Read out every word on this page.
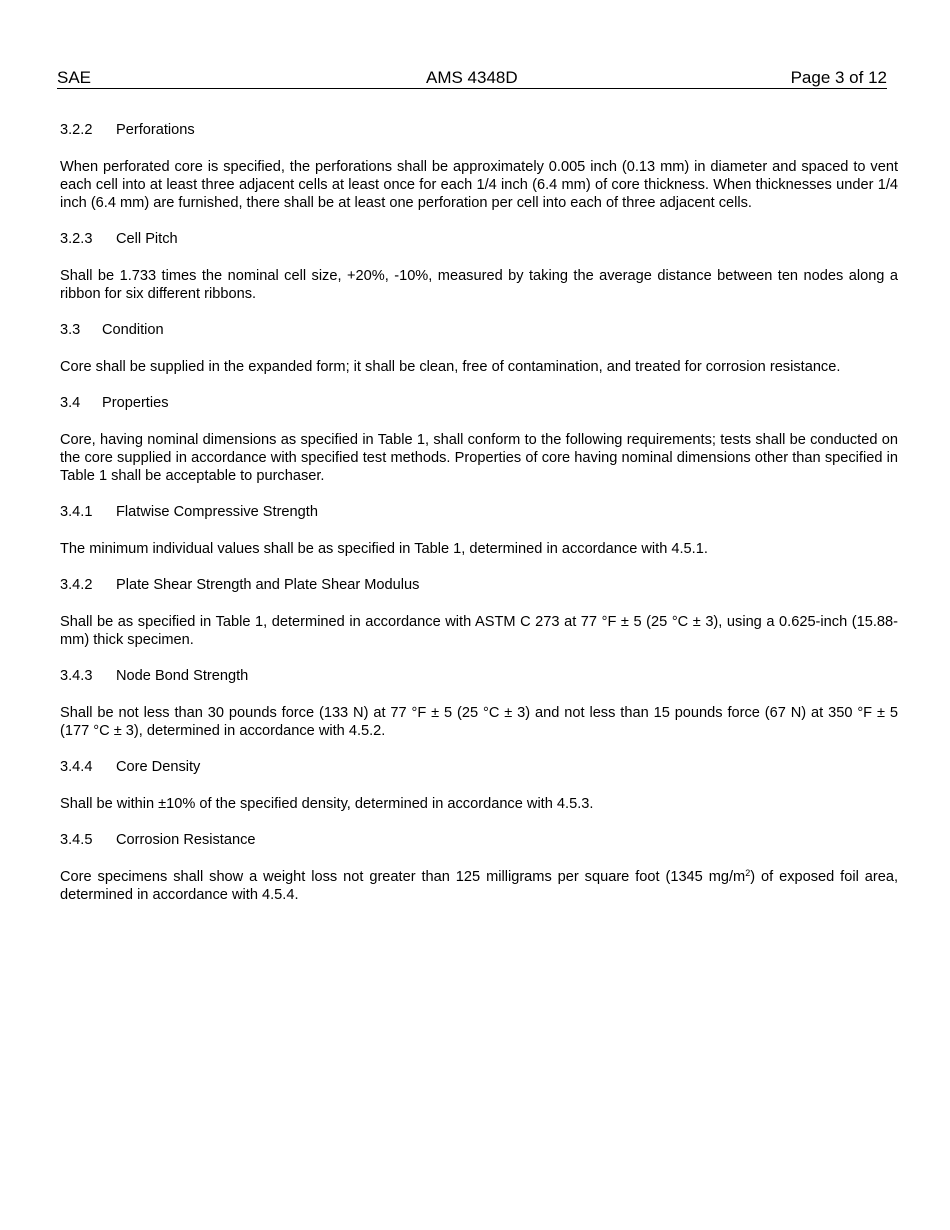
SAE	AMS 4348D	Page 3 of 12
3.2.2 Perforations

When perforated core is specified, the perforations shall be approximately 0.005 inch (0.13 mm) in diameter and spaced to vent each cell into at least three adjacent cells at least once for each 1/4 inch (6.4 mm) of core thickness. When thicknesses under 1/4 inch (6.4 mm) are furnished, there shall be at least one perforation per cell into each of three adjacent cells.

3.2.3 Cell Pitch

Shall be 1.733 times the nominal cell size, +20%, -10%, measured by taking the average distance between ten nodes along a ribbon for six different ribbons.

3.3 Condition

Core shall be supplied in the expanded form; it shall be clean, free of contamination, and treated for corrosion resistance.

3.4 Properties

Core, having nominal dimensions as specified in Table 1, shall conform to the following requirements; tests shall be conducted on the core supplied in accordance with specified test methods. Properties of core having nominal dimensions other than specified in Table 1 shall be acceptable to purchaser.

3.4.1 Flatwise Compressive Strength

The minimum individual values shall be as specified in Table 1, determined in accordance with 4.5.1.

3.4.2 Plate Shear Strength and Plate Shear Modulus

Shall be as specified in Table 1, determined in accordance with ASTM C 273 at 77 °F ± 5 (25 °C ± 3), using a 0.625-inch (15.88-mm) thick specimen.

3.4.3 Node Bond Strength

Shall be not less than 30 pounds force (133 N) at 77 °F ± 5 (25 °C ± 3) and not less than 15 pounds force (67 N) at 350 °F ± 5 (177 °C ± 3), determined in accordance with 4.5.2.

3.4.4 Core Density

Shall be within ±10% of the specified density, determined in accordance with 4.5.3.

3.4.5 Corrosion Resistance

Core specimens shall show a weight loss not greater than 125 milligrams per square foot (1345 $mg/m^2$) of exposed foil area, determined in accordance with 4.5.4.
